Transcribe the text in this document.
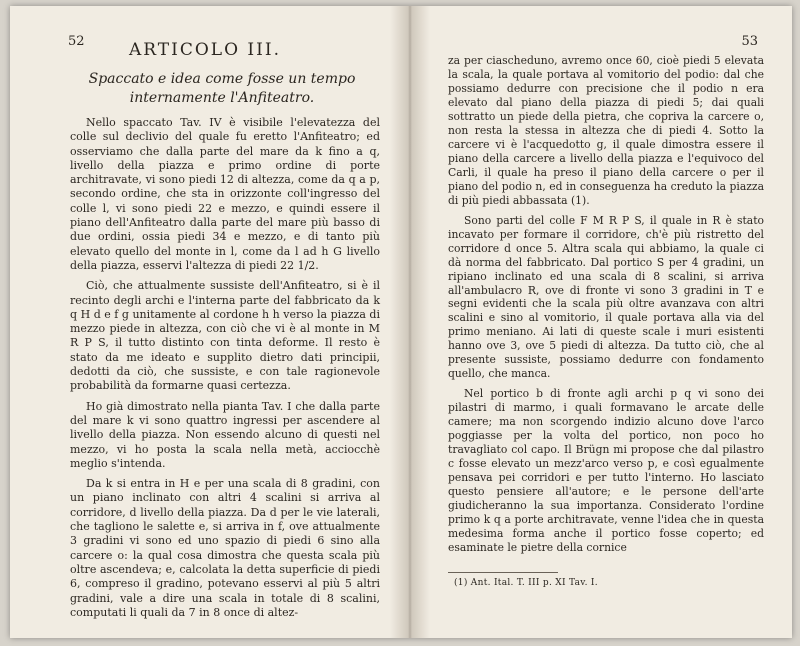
52	ARTICOLO III.
Spaccato e idea come fosse un tempo internamente l'Anfiteatro.

Nello spaccato Tav. IV è visibile l'elevatezza del colle sul declivio del quale fu eretto l'Anfiteatro; ed osserviamo che dalla parte del mare da k fino a q, livello della piazza e primo ordine di porte architravate, vi sono piedi 12 di altezza, come da q a p, secondo ordine, che sta in orizzonte coll'ingresso del colle l, vi sono piedi 22 e mezzo, e quindi essere il piano dell'Anfiteatro dalla parte del mare più basso di due ordini, ossia piedi 34 e mezzo, e di tanto più elevato quello del monte in l, come da l ad h G livello della piazza, esservi l'altezza di piedi 22 1/2.

Ciò, che attualmente sussiste dell'Anfiteatro, si è il recinto degli archi e l'interna parte del fabbricato da k q H d e f g unitamente al cordone h h verso la piazza di mezzo piede in altezza, con ciò che vi è al monte in M R P S, il tutto distinto con tinta deforme. Il resto è stato da me ideato e supplito dietro dati principii, dedotti da ciò, che sussiste, e con tale ragionevole probabilità da formarne quasi certezza.

Ho già dimostrato nella pianta Tav. I che dalla parte del mare k vi sono quattro ingressi per ascendere al livello della piazza. Non essendo alcuno di questi nel mezzo, vi ho posta la scala nella metà, acciocchè meglio s'intenda.

Da k si entra in H e per una scala di 8 gradini, con un piano inclinato con altri 4 scalini si arriva al corridore, d livello della piazza. Da d per le vie laterali, che tagliono le salette e, si arriva in f, ove attualmente 3 gradini vi sono ed uno spazio di piedi 6 sino alla carcere o: la qual cosa dimostra che questa scala più oltre ascendeva; e, calcolata la detta superficie di piedi 6, compreso il gradino, potevano esservi al più 5 altri gradini, vale a dire una scala in totale di 8 scalini, computati li quali da 7 in 8 once di altez-

53

za per ciascheduno, avremo once 60, cioè piedi 5 elevata la scala, la quale portava al vomitorio del podio: dal che possiamo dedurre con precisione che il podio n era elevato dal piano della piazza di piedi 5; dai quali sottratto un piede della pietra, che copriva la carcere o, non resta la stessa in altezza che di piedi 4. Sotto la carcere vi è l'acquedotto g, il quale dimostra essere il piano della carcere a livello della piazza e l'equivoco del Carli, il quale ha preso il piano della carcere o per il piano del podio n, ed in conseguenza ha creduto la piazza di più piedi abbassata (1).

Sono parti del colle F M R P S, il quale in R è stato incavato per formare il corridore, ch'è più ristretto del corridore d once 5. Altra scala qui abbiamo, la quale ci dà norma del fabbricato. Dal portico S per 4 gradini, un ripiano inclinato ed una scala di 8 scalini, si arriva all'ambulacro R, ove di fronte vi sono 3 gradini in T e segni evidenti che la scala più oltre avanzava con altri scalini e sino al vomitorio, il quale portava alla via del primo meniano. Ai lati di queste scale i muri esistenti hanno ove 3, ove 5 piedi di altezza. Da tutto ciò, che al presente sussiste, possiamo dedurre con fondamento quello, che manca.

Nel portico b di fronte agli archi p q vi sono dei pilastri di marmo, i quali formavano le arcate delle camere; ma non scorgendo indizio alcuno dove l'arco poggiasse per la volta del portico, non poco ho travagliato col capo. Il Brügn mi propose che dal pilastro c fosse elevato un mezz'arco verso p, e così egualmente pensava pei corridori e per tutto l'interno. Ho lasciato questo pensiere all'autore; e le persone dell'arte giudicheranno la sua importanza. Considerato l'ordine primo k q a porte architravate, venne l'idea che in questa medesima forma anche il portico fosse coperto; ed esaminate le pietre della cornice

(1) Ant. Ital. T. III p. XI Tav. I.
